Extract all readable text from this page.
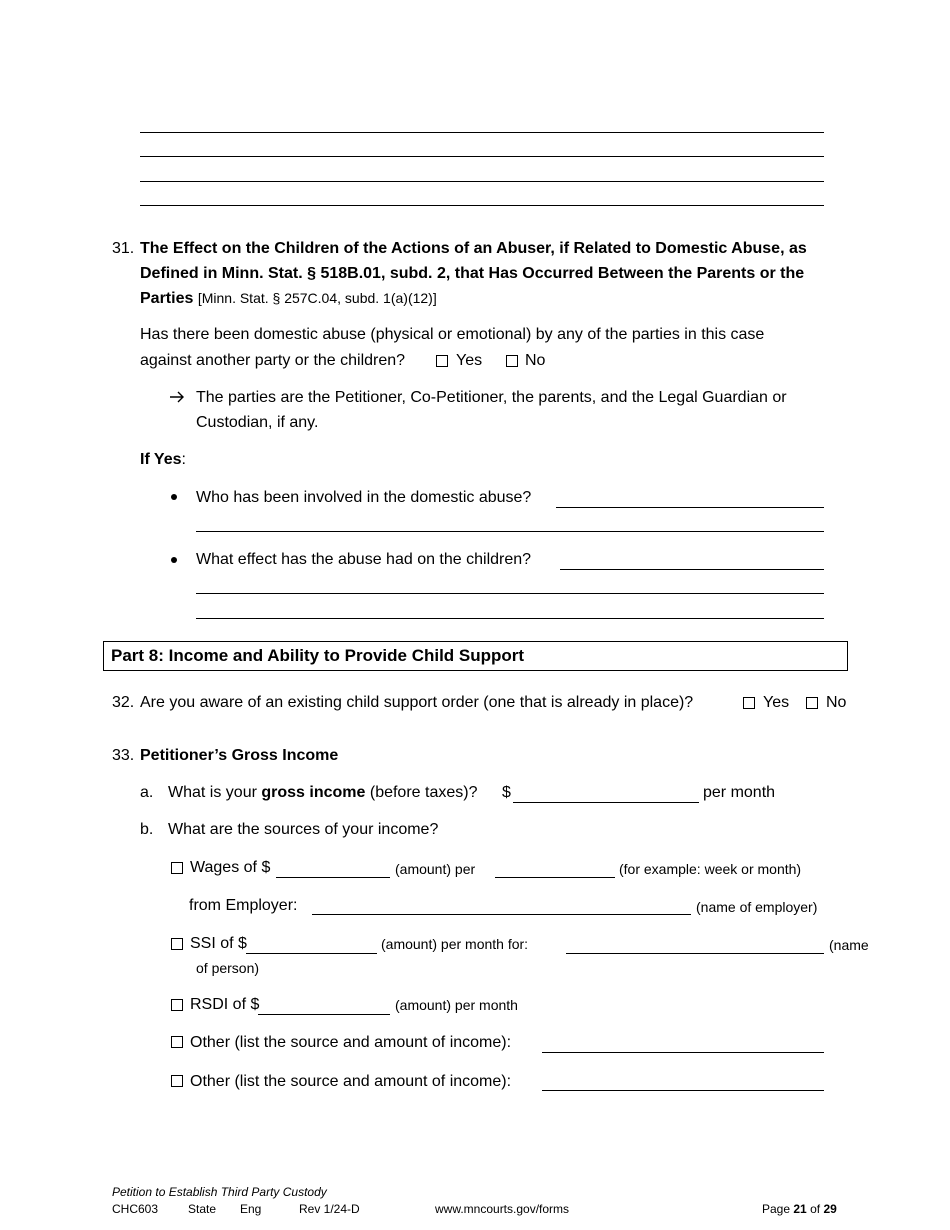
31. The Effect on the Children of the Actions of an Abuser, if Related to Domestic Abuse, as
Defined in Minn. Stat. § 518B.01, subd. 2, that Has Occurred Between the Parents or the
Parties [Minn. Stat. § 257C.04, subd. 1(a)(12)]
Has there been domestic abuse (physical or emotional) by any of the parties in this case
against another party or the children?	Yes	No
The parties are the Petitioner, Co-Petitioner, the parents, and the Legal Guardian or
Custodian, if any.
If Yes:
Who has been involved in the domestic abuse?
What effect has the abuse had on the children?
Part 8: Income and Ability to Provide Child Support
32. Are you aware of an existing child support order (one that is already in place)?	Yes No
33. Petitioner’s Gross Income
a. What is your gross income (before taxes)? $	per month
b. What are the sources of your income?
Wages of $	(amount) per	(for example: week or month)
from Employer:	(name of employer)
SSI of $	(amount) per month for:	(name
of person)
RSDI of $	(amount) per month
Other (list the source and amount of income):
Other (list the source and amount of income):
Petition to Establish Third Party Custody
CHC603 State Eng	Rev 1/24-D	www.mncourts.gov/forms	Page 21 of 29
